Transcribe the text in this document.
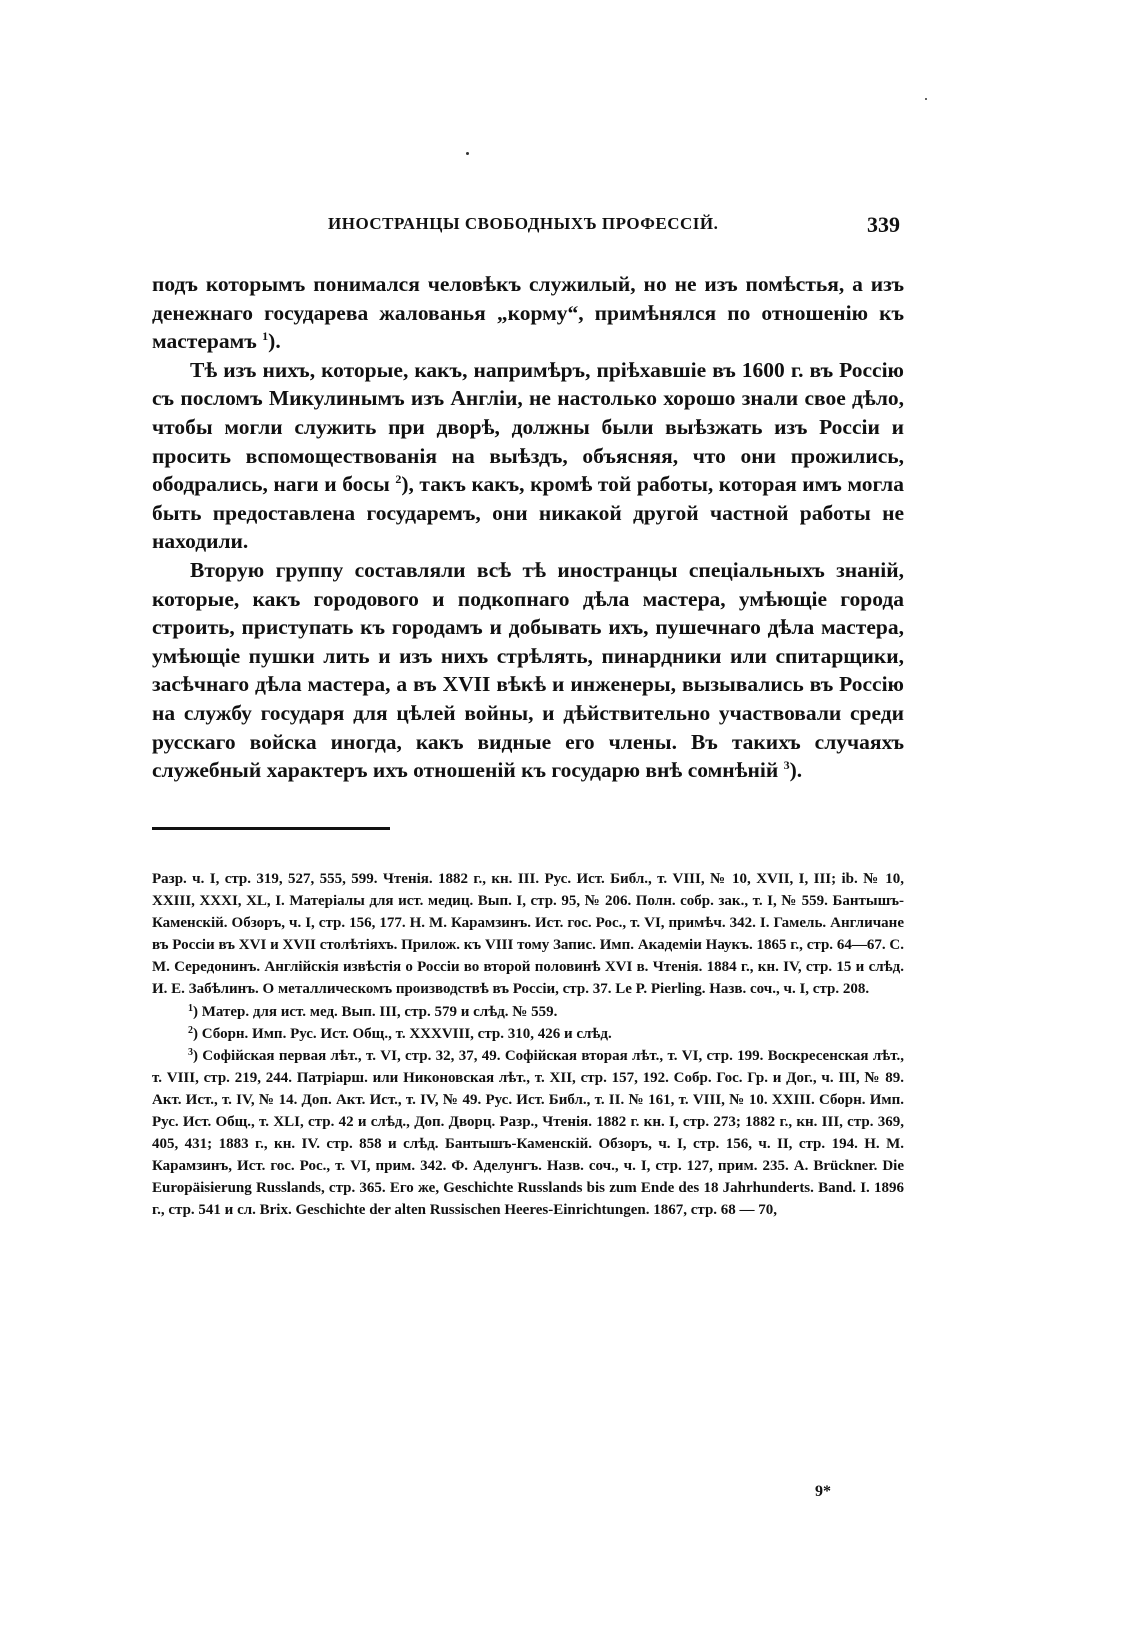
ИНОСТРАНЦЫ СВОБОДНЫХЪ ПРОФЕССІЙ.	339

подъ которымъ понимался человѣкъ служилый, но не изъ помѣстья, а изъ денежнаго государева жалованья „корму“, примѣнялся по отношенію къ мастерамъ $^1$).

Тѣ изъ нихъ, которые, какъ, напримѣръ, пріѣхавшіе въ 1600 г. въ Россію съ посломъ Микулинымъ изъ Англіи, не настолько хорошо знали свое дѣло, чтобы могли служить при дворѣ, должны были выѣзжать изъ Россіи и просить вспомоществованія на выѣздъ, объясняя, что они прожились, ободрались, наги и босы $^2$), такъ какъ, кромѣ той работы, которая имъ могла быть предоставлена государемъ, они никакой другой частной работы не находили.

Вторую группу составляли всѣ тѣ иностранцы спеціальныхъ знаній, которые, какъ городового и подкопнаго дѣла мастера, умѣющіе города строить, приступать къ городамъ и добывать ихъ, пушечнаго дѣла мастера, умѣющіе пушки лить и изъ нихъ стрѣлять, пинардники или спитарщики, засѣчнаго дѣла мастера, а въ XVII вѣкѣ и инженеры, вызывались въ Россію на службу государя для цѣлей войны, и дѣйствительно участвовали среди русскаго войска иногда, какъ видные его члены. Въ такихъ случаяхъ служебный характеръ ихъ отношеній къ государю внѣ сомнѣній $^3$).

Разр. ч. I, стр. 319, 527, 555, 599. Чтенія. 1882 г., кн. III. Рус. Ист. Библ., т. VIII, № 10, XVII, I, III; ib. № 10, XXIII, XXXI, XL, I. Матеріалы для ист. медиц. Вып. I, стр. 95, № 206. Полн. собр. зак., т. I, № 559. Бантышъ-Каменскій. Обзоръ, ч. I, стр. 156, 177. Н. М. Карамзинъ. Ист. гос. Рос., т. VI, примѣч. 342. I. Гамель. Англичане въ Россіи въ XVI и XVII столѣтіяхъ. Прилож. къ VIII тому Запис. Имп. Академіи Наукъ. 1865 г., стр. 64—67. С. М. Середонинъ. Англійскія извѣстія о Россіи во второй половинѣ XVI в. Чтенія. 1884 г., кн. IV, стр. 15 и слѣд. И. Е. Забѣлинъ. О металлическомъ производствѣ въ Россіи, стр. 37. Le P. Pierling. Назв. соч., ч. I, стр. 208.

$^1$) Матер. для ист. мед. Вып. III, стр. 579 и слѣд. № 559.

$^2$) Сборн. Имп. Рус. Ист. Общ., т. XXXVIII, стр. 310, 426 и слѣд.

$^3$) Софійская первая лѣт., т. VI, стр. 32, 37, 49. Софійская вторая лѣт., т. VI, стр. 199. Воскресенская лѣт., т. VIII, стр. 219, 244. Патріарш. или Никоновская лѣт., т. XII, стр. 157, 192. Собр. Гос. Гр. и Дог., ч. III, № 89. Акт. Ист., т. IV, № 14. Доп. Акт. Ист., т. IV, № 49. Рус. Ист. Библ., т. II. № 161, т. VIII, № 10. XXIII. Сборн. Имп. Рус. Ист. Общ., т. XLI, стр. 42 и слѣд., Доп. Дворц. Разр., Чтенія. 1882 г. кн. I, стр. 273; 1882 г., кн. III, стр. 369, 405, 431; 1883 г., кн. IV. стр. 858 и слѣд. Бантышъ-Каменскій. Обзоръ, ч. I, стр. 156, ч. II, стр. 194. Н. М. Карамзинъ, Ист. гос. Рос., т. VI, прим. 342. Ф. Аделунгъ. Назв. соч., ч. I, стр. 127, прим. 235. A. Brückner. Die Europäisierung Russlands, стр. 365. Его же, Geschichte Russlands bis zum Ende des 18 Jahrhunderts. Band. I. 1896 г., стр. 541 и сл. Brix. Geschichte der alten Russischen Heeres-Einrichtungen. 1867, стр. 68 — 70,

9*
